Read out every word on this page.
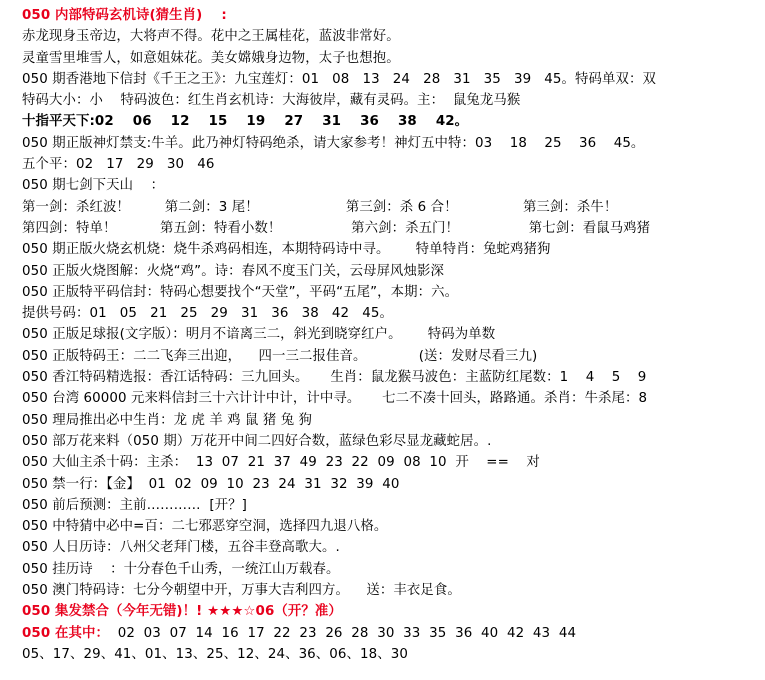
050 内部特码玄机诗(猜生肖)    :
赤龙现身玉帝边，大将声不得。花中之王属桂花，蓝波非常好。
灵童雪里堆雪人，如意姐妹花。美女嫦娥身边物，太子也想抱。
050 期香港地下信封《千王之王》：九宝莲灯：01   08   13   24   28   31   35   39   45。特码单双：双
特码大小：小    特码波色：红生肖玄机诗：大海彼岸，藏有灵码。主：  鼠兔龙马猴
十指平天下:02    06    12    15    19    27    31    36    38    42。
050 期正版神灯禁支:牛羊。此乃神灯特码绝杀，请大家参考！神灯五中特：03    18    25    36    45。
五个平：02   17   29   30   46
050 期七剑下天山    ：
第一剑：杀红波！        第二剑：3 尾！                    第三剑：杀 6 合！               第三剑：杀牛！
第四剑：特单！          第五剑：特看小数！                第六剑：杀五门！                第七剑：看鼠马鸡猪
050 期正版火烧玄机烧：烧牛杀鸡码相连，本期特码诗中寻。      特单特肖：兔蛇鸡猪狗
050 正版火烧图解：火烧“鸡”。诗：春风不度玉门关，云母屏风烛影深
050 正版特平码信封：特码心想要找个“天堂”，平码“五尾”，本期：六。
提供号码：01   05   21   25   29   31   36   38   42   45。
050 正版足球报(文字版）：明月不谙离三二，斜光到晓穿红户。      特码为单数
050 正版特码王：二二飞奔三出迎，    四一三二报佳音。            (送：发财尽看三九)
050 香江特码精选报：香江话特码：三九回头。     生肖：鼠龙猴马波色：主蓝防红尾数：1    4    5    9
050 台湾 60000 元来料信封三十六计计中计，计中寻。     七二不凑十回头，路路通。杀肖：牛杀尾：8
050 理局推出必中生肖：龙 虎 羊 鸡 鼠 猪 兔 狗
050 部万花来料（050 期）万花开中间二四好合数，蓝绿色彩尽显龙藏蛇居。.
050 大仙主杀十码：主杀：  13  07  21  37  49  23  22  09  08  10  开    ==    对
050 禁一行：【金】  01  02  09  10  23  24  31  32  39  40
050 前后预测：主前…………  [开？]
050 中特猜中必中=百：二七邪恶穿空洞，选择四九退八格。
050 人日历诗：八州父老拜门楼，五谷丰登高歌大。.
050 挂历诗    ：十分春色千山秀，一统江山万载春。
050 澳门特码诗：七分今朝望中开，万事大吉利四方。    送：丰衣足食。
050 集发禁合（今年无错)！! ★★★☆06（开？准）
050 在其中：  02  03  07  14  16  17  22  23  26  28  30  33  35  36  40  42  43  44
05、17、29、41、01、13、25、12、24、36、06、18、30
